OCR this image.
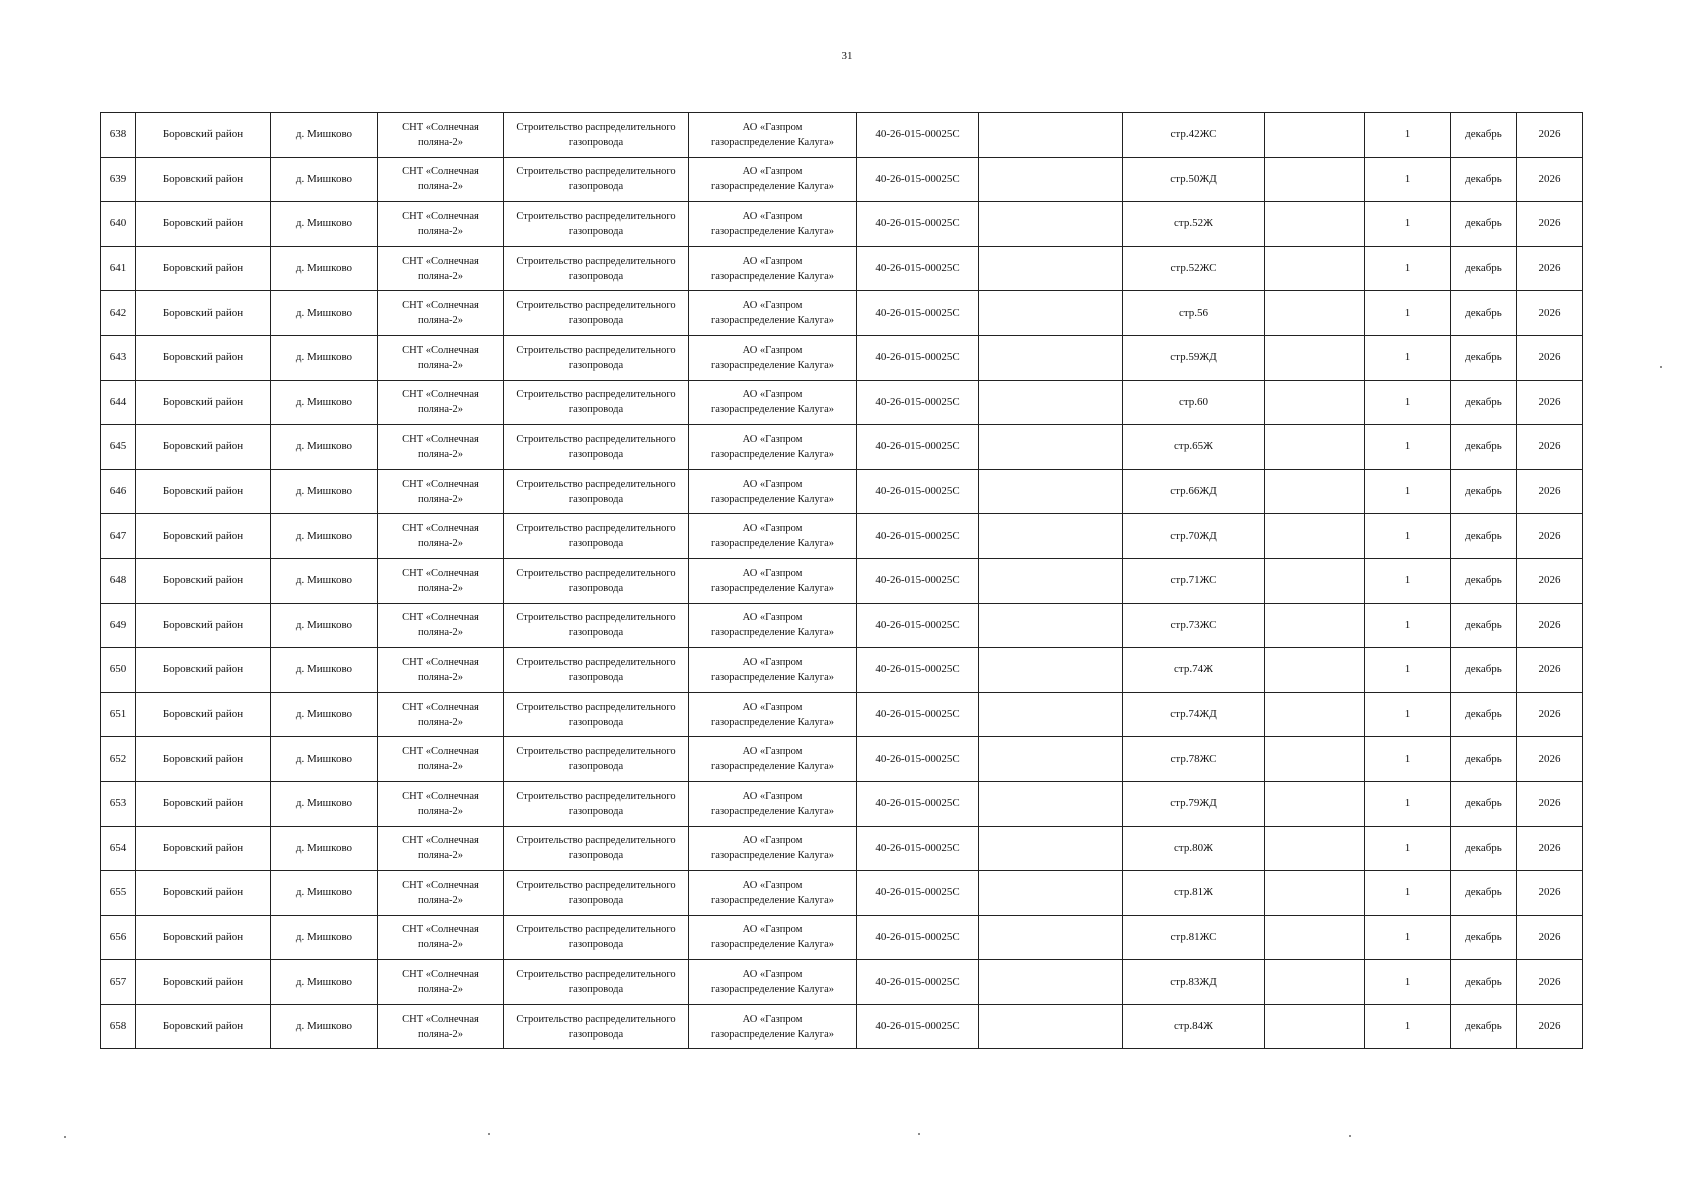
31
638	Боровский район	д. Мишково	СНТ «Солнечная
поляна-2»	Строительство распределительного
газопровода	АО «Газпром
газораспределение Калуга»	40-26-015-00025С		стр.42ЖС		1	декабрь	2026
639	Боровский район	д. Мишково	СНТ «Солнечная
поляна-2»	Строительство распределительного
газопровода	АО «Газпром
газораспределение Калуга»	40-26-015-00025С		стр.50ЖД		1	декабрь	2026
640	Боровский район	д. Мишково	СНТ «Солнечная
поляна-2»	Строительство распределительного
газопровода	АО «Газпром
газораспределение Калуга»	40-26-015-00025С		стр.52Ж		1	декабрь	2026
641	Боровский район	д. Мишково	СНТ «Солнечная
поляна-2»	Строительство распределительного
газопровода	АО «Газпром
газораспределение Калуга»	40-26-015-00025С		стр.52ЖС		1	декабрь	2026
642	Боровский район	д. Мишково	СНТ «Солнечная
поляна-2»	Строительство распределительного
газопровода	АО «Газпром
газораспределение Калуга»	40-26-015-00025С		стр.56		1	декабрь	2026
643	Боровский район	д. Мишково	СНТ «Солнечная
поляна-2»	Строительство распределительного
газопровода	АО «Газпром
газораспределение Калуга»	40-26-015-00025С		стр.59ЖД		1	декабрь	2026
644	Боровский район	д. Мишково	СНТ «Солнечная
поляна-2»	Строительство распределительного
газопровода	АО «Газпром
газораспределение Калуга»	40-26-015-00025С		стр.60		1	декабрь	2026
645	Боровский район	д. Мишково	СНТ «Солнечная
поляна-2»	Строительство распределительного
газопровода	АО «Газпром
газораспределение Калуга»	40-26-015-00025С		стр.65Ж		1	декабрь	2026
646	Боровский район	д. Мишково	СНТ «Солнечная
поляна-2»	Строительство распределительного
газопровода	АО «Газпром
газораспределение Калуга»	40-26-015-00025С		стр.66ЖД		1	декабрь	2026
647	Боровский район	д. Мишково	СНТ «Солнечная
поляна-2»	Строительство распределительного
газопровода	АО «Газпром
газораспределение Калуга»	40-26-015-00025С		стр.70ЖД		1	декабрь	2026
648	Боровский район	д. Мишково	СНТ «Солнечная
поляна-2»	Строительство распределительного
газопровода	АО «Газпром
газораспределение Калуга»	40-26-015-00025С		стр.71ЖС		1	декабрь	2026
649	Боровский район	д. Мишково	СНТ «Солнечная
поляна-2»	Строительство распределительного
газопровода	АО «Газпром
газораспределение Калуга»	40-26-015-00025С		стр.73ЖС		1	декабрь	2026
650	Боровский район	д. Мишково	СНТ «Солнечная
поляна-2»	Строительство распределительного
газопровода	АО «Газпром
газораспределение Калуга»	40-26-015-00025С		стр.74Ж		1	декабрь	2026
651	Боровский район	д. Мишково	СНТ «Солнечная
поляна-2»	Строительство распределительного
газопровода	АО «Газпром
газораспределение Калуга»	40-26-015-00025С		стр.74ЖД		1	декабрь	2026
652	Боровский район	д. Мишково	СНТ «Солнечная
поляна-2»	Строительство распределительного
газопровода	АО «Газпром
газораспределение Калуга»	40-26-015-00025С		стр.78ЖС		1	декабрь	2026
653	Боровский район	д. Мишково	СНТ «Солнечная
поляна-2»	Строительство распределительного
газопровода	АО «Газпром
газораспределение Калуга»	40-26-015-00025С		стр.79ЖД		1	декабрь	2026
654	Боровский район	д. Мишково	СНТ «Солнечная
поляна-2»	Строительство распределительного
газопровода	АО «Газпром
газораспределение Калуга»	40-26-015-00025С		стр.80Ж		1	декабрь	2026
655	Боровский район	д. Мишково	СНТ «Солнечная
поляна-2»	Строительство распределительного
газопровода	АО «Газпром
газораспределение Калуга»	40-26-015-00025С		стр.81Ж		1	декабрь	2026
656	Боровский район	д. Мишково	СНТ «Солнечная
поляна-2»	Строительство распределительного
газопровода	АО «Газпром
газораспределение Калуга»	40-26-015-00025С		стр.81ЖС		1	декабрь	2026
657	Боровский район	д. Мишково	СНТ «Солнечная
поляна-2»	Строительство распределительного
газопровода	АО «Газпром
газораспределение Калуга»	40-26-015-00025С		стр.83ЖД		1	декабрь	2026
658	Боровский район	д. Мишково	СНТ «Солнечная
поляна-2»	Строительство распределительного
газопровода	АО «Газпром
газораспределение Калуга»	40-26-015-00025С		стр.84Ж		1	декабрь	2026
